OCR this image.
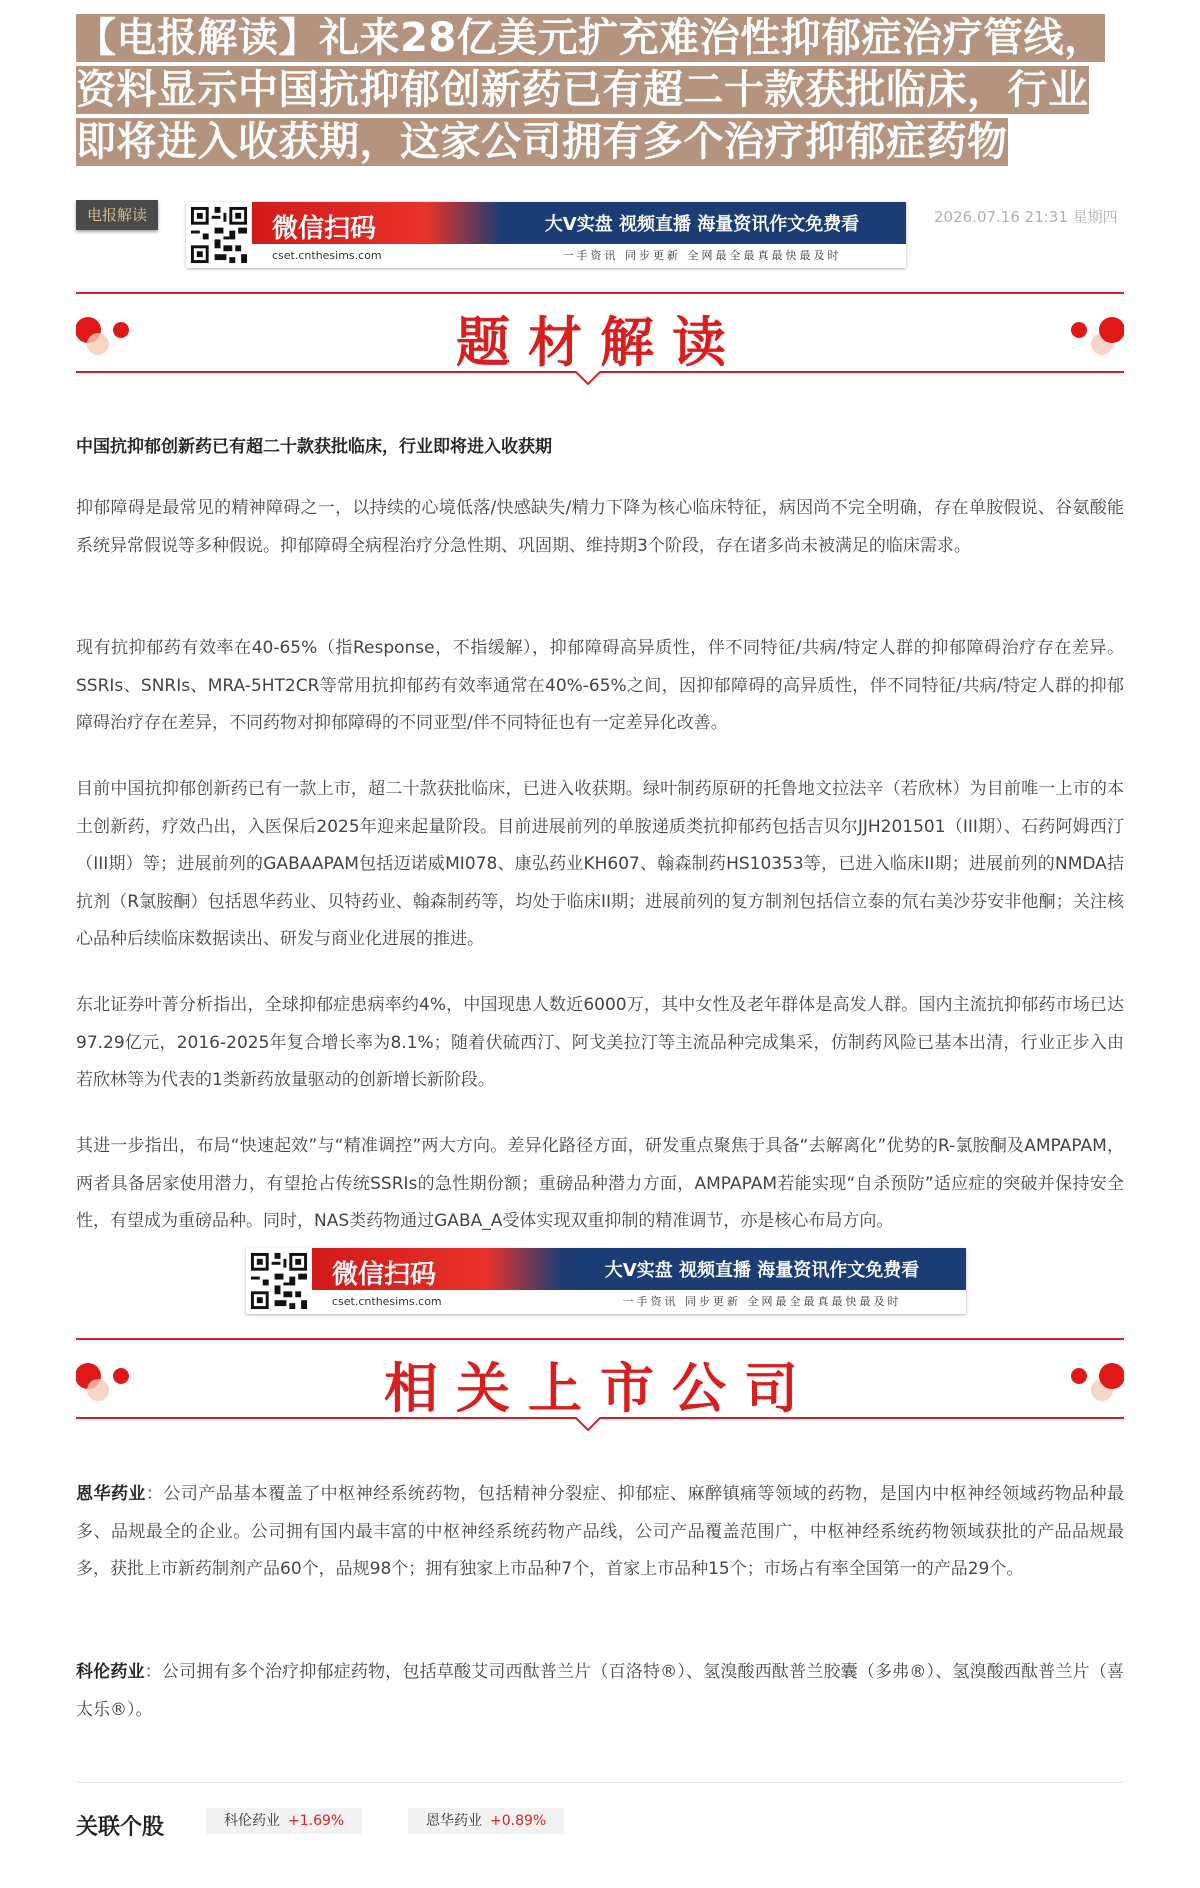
【电报解读】礼来28亿美元扩充难治性抑郁症治疗管线，资料显示中国抗抑郁创新药已有超二十款获批临床，行业即将进入收获期，这家公司拥有多个治疗抑郁症药物
电报解读	微信扫码
cset.cnthesims.com
大V实盘 视频直播 海量资讯作文免费看
一手资讯 同步更新 全网最全最真最快最及时
2026.07.16 21:31 星期四
题材解读
中国抗抑郁创新药已有超二十款获批临床，行业即将进入收获期

抑郁障碍是最常见的精神障碍之一，以持续的心境低落/快感缺失/精力下降为核心临床特征，病因尚不完全明确，存在单胺假说、谷氨酸能系统异常假说等多种假说。抑郁障碍全病程治疗分急性期、巩固期、维持期3个阶段，存在诸多尚未被满足的临床需求。

现有抗抑郁药有效率在40-65%（指Response，不指缓解），抑郁障碍高异质性，伴不同特征/共病/特定人群的抑郁障碍治疗存在差异。SSRIs、SNRIs、MRA-5HT2CR等常用抗抑郁药有效率通常在40%-65%之间，因抑郁障碍的高异质性，伴不同特征/共病/特定人群的抑郁障碍治疗存在差异，不同药物对抑郁障碍的不同亚型/伴不同特征也有一定差异化改善。

目前中国抗抑郁创新药已有一款上市，超二十款获批临床，已进入收获期。绿叶制药原研的托鲁地文拉法辛（若欣林）为目前唯一上市的本土创新药，疗效凸出，入医保后2025年迎来起量阶段。目前进展前列的单胺递质类抗抑郁药包括吉贝尔JJH201501（III期）、石药阿姆西汀（III期）等；进展前列的GABAAPAM包括迈诺威MI078、康弘药业KH607、翰森制药HS10353等，已进入临床II期；进展前列的NMDA拮抗剂（R氯胺酮）包括恩华药业、贝特药业、翰森制药等，均处于临床II期；进展前列的复方制剂包括信立泰的氘右美沙芬安非他酮；关注核心品种后续临床数据读出、研发与商业化进展的推进。

东北证券叶菁分析指出，全球抑郁症患病率约4%，中国现患人数近6000万，其中女性及老年群体是高发人群。国内主流抗抑郁药市场已达97.29亿元，2016-2025年复合增长率为8.1%；随着伏硫西汀、阿戈美拉汀等主流品种完成集采，仿制药风险已基本出清，行业正步入由若欣林等为代表的1类新药放量驱动的创新增长新阶段。

其进一步指出，布局“快速起效”与“精准调控”两大方向。差异化路径方面，研发重点聚焦于具备“去解离化”优势的R-氯胺酮及AMPAPAM，两者具备居家使用潜力，有望抢占传统SSRIs的急性期份额；重磅品种潜力方面，AMPAPAM若能实现“自杀预防”适应症的突破并保持安全性，有望成为重磅品种。同时，NAS类药物通过GABA_A受体实现双重抑制的精准调节，亦是核心布局方向。

微信扫码
cset.cnthesims.com
大V实盘 视频直播 海量资讯作文免费看
一手资讯 同步更新 全网最全最真最快最及时
相关上市公司

恩华药业：公司产品基本覆盖了中枢神经系统药物，包括精神分裂症、抑郁症、麻醉镇痛等领域的药物，是国内中枢神经领域药物品种最多、品规最全的企业。公司拥有国内最丰富的中枢神经系统药物产品线，公司产品覆盖范围广，中枢神经系统药物领域获批的产品品规最多，获批上市新药制剂产品60个，品规98个；拥有独家上市品种7个，首家上市品种15个；市场占有率全国第一的产品29个。

科伦药业：公司拥有多个治疗抑郁症药物，包括草酸艾司西酞普兰片（百洛特®）、氢溴酸西酞普兰胶囊（多弗®）、氢溴酸西酞普兰片（喜太乐®）。

关联个股	科伦药业 +1.69%	恩华药业 +0.89%
